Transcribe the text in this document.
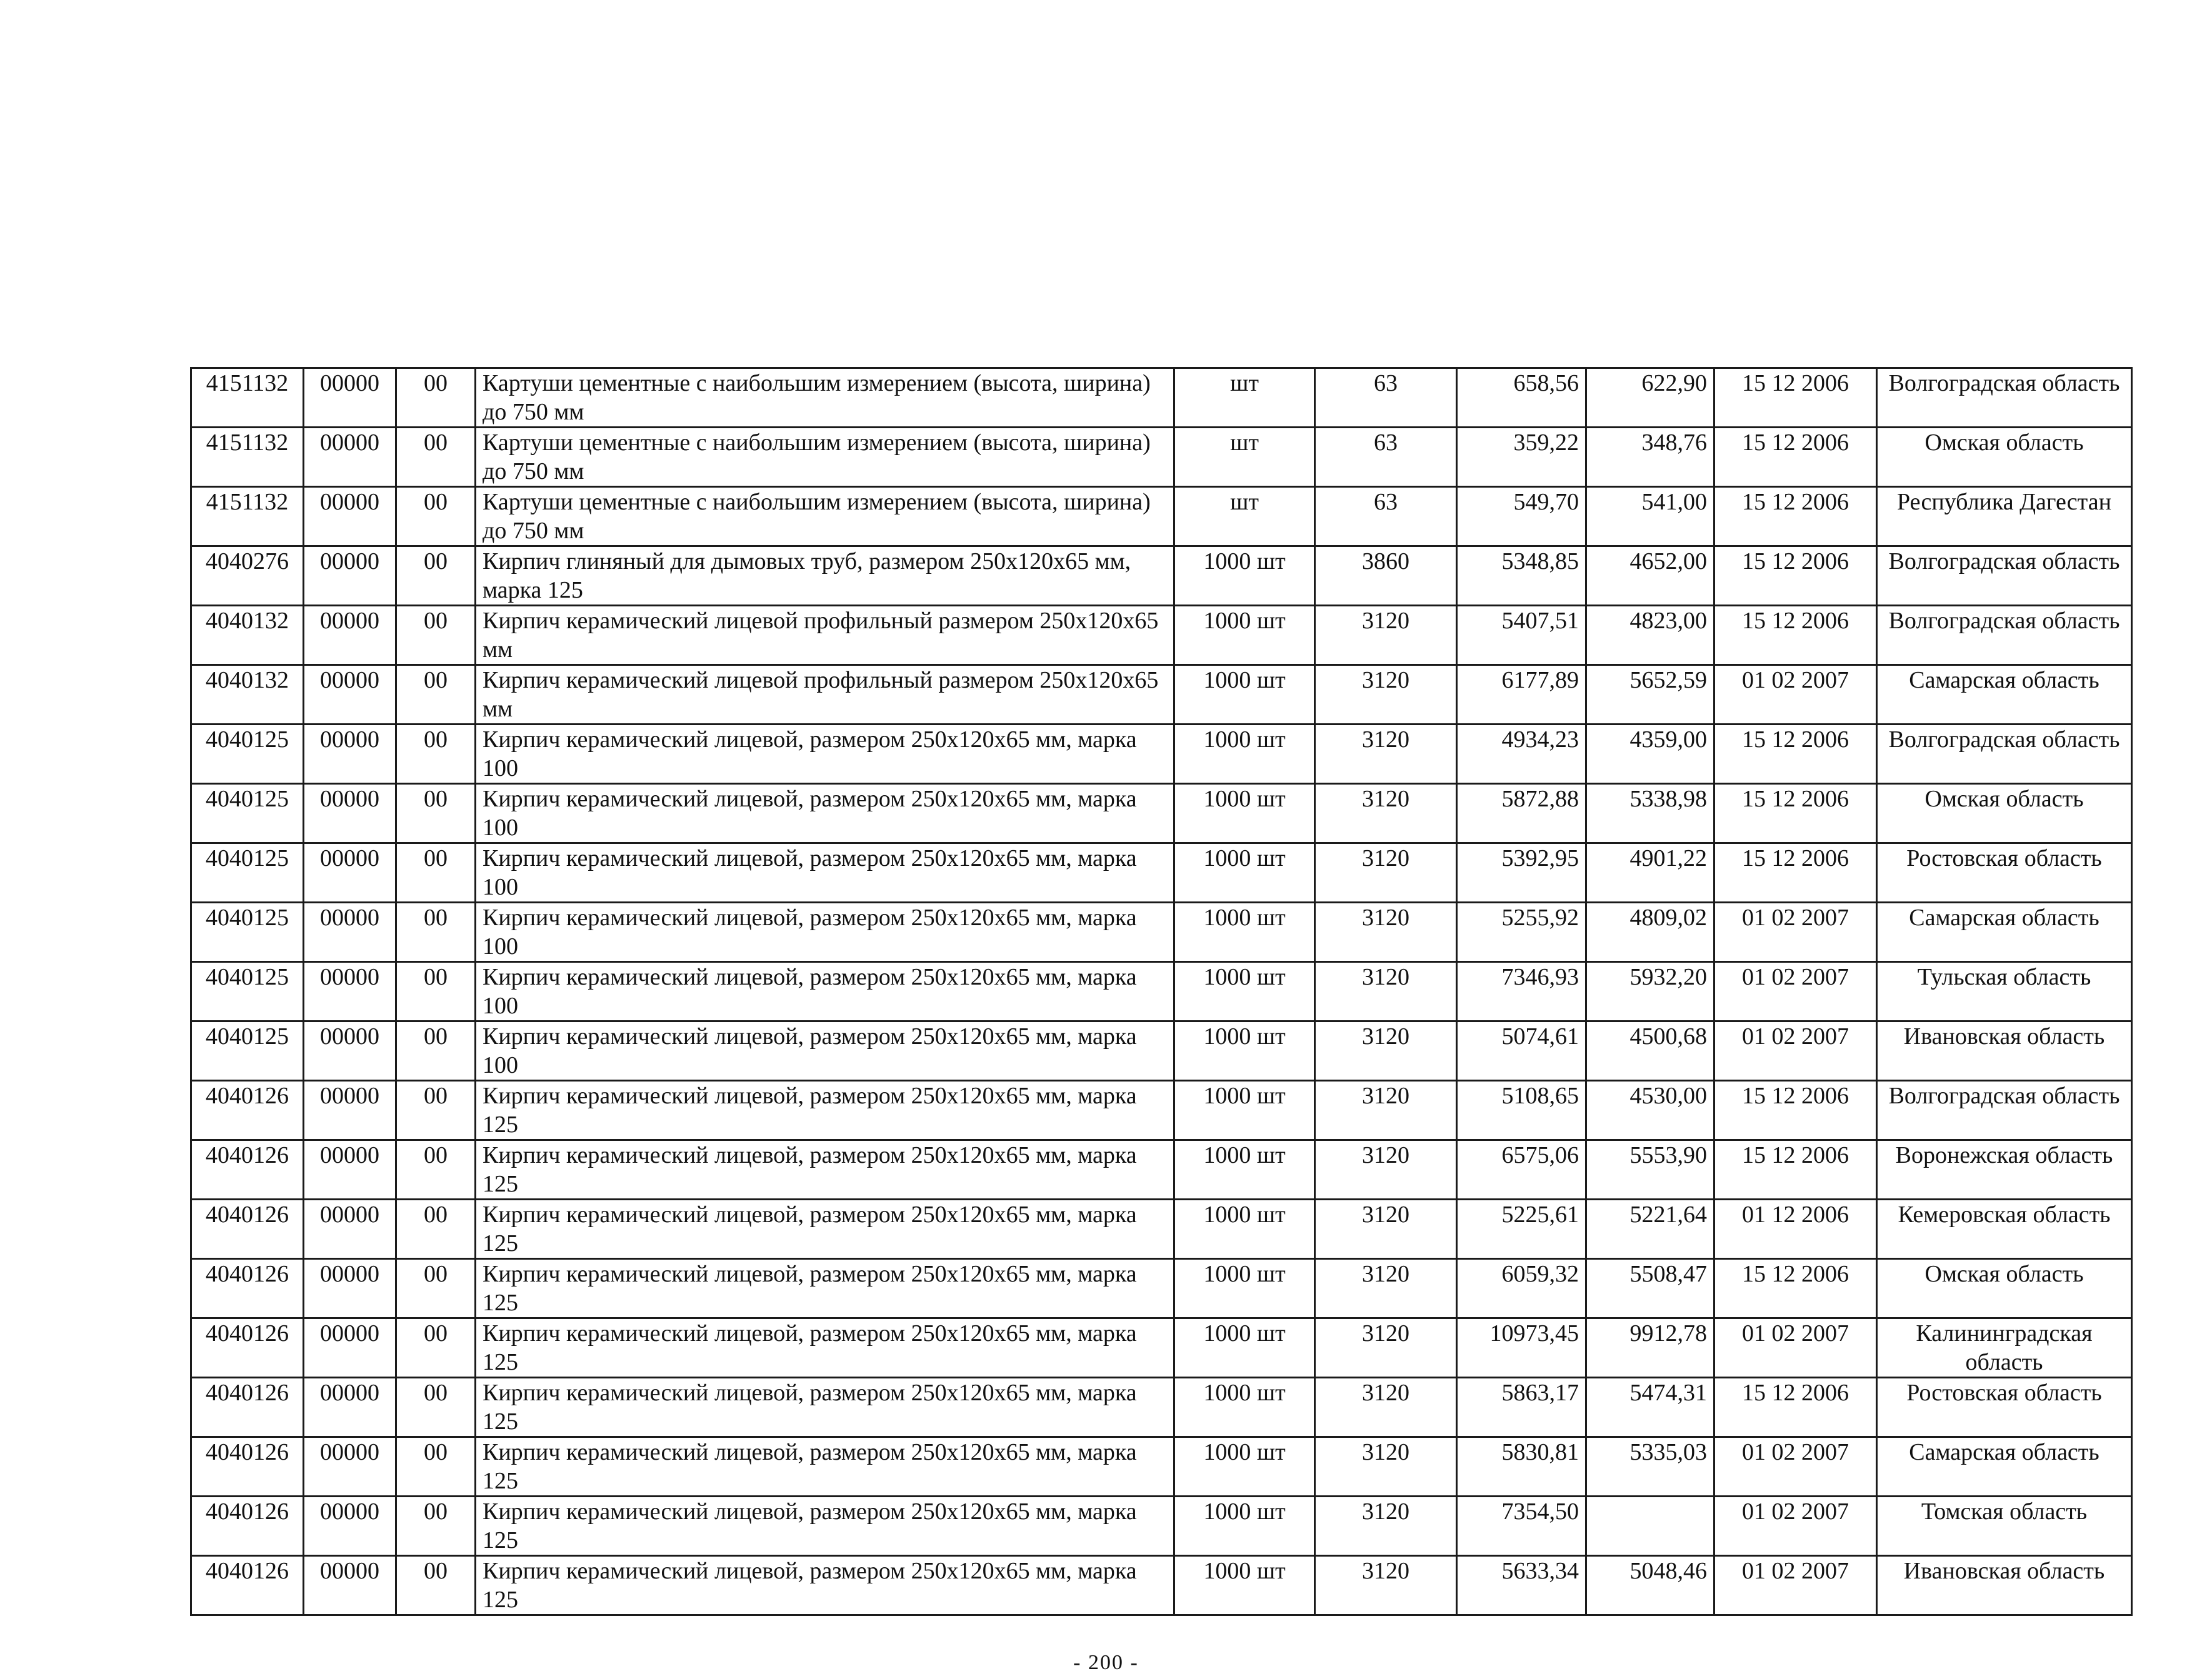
4151132	00000	00	Картуши цементные с наибольшим измерением (высота, ширина) до 750 мм	шт	63	658,56	622,90	15 12 2006	Волгоградская область
4151132	00000	00	Картуши цементные с наибольшим измерением (высота, ширина) до 750 мм	шт	63	359,22	348,76	15 12 2006	Омская область
4151132	00000	00	Картуши цементные с наибольшим измерением (высота, ширина) до 750 мм	шт	63	549,70	541,00	15 12 2006	Республика Дагестан
4040276	00000	00	Кирпич глиняный для дымовых труб, размером 250x120x65 мм, марка 125	1000 шт	3860	5348,85	4652,00	15 12 2006	Волгоградская область
4040132	00000	00	Кирпич керамический лицевой профильный размером 250x120x65 мм	1000 шт	3120	5407,51	4823,00	15 12 2006	Волгоградская область
4040132	00000	00	Кирпич керамический лицевой профильный размером 250x120x65 мм	1000 шт	3120	6177,89	5652,59	01 02 2007	Самарская область
4040125	00000	00	Кирпич керамический лицевой, размером 250x120x65 мм, марка 100	1000 шт	3120	4934,23	4359,00	15 12 2006	Волгоградская область
4040125	00000	00	Кирпич керамический лицевой, размером 250x120x65 мм, марка 100	1000 шт	3120	5872,88	5338,98	15 12 2006	Омская область
4040125	00000	00	Кирпич керамический лицевой, размером 250x120x65 мм, марка 100	1000 шт	3120	5392,95	4901,22	15 12 2006	Ростовская область
4040125	00000	00	Кирпич керамический лицевой, размером 250x120x65 мм, марка 100	1000 шт	3120	5255,92	4809,02	01 02 2007	Самарская область
4040125	00000	00	Кирпич керамический лицевой, размером 250x120x65 мм, марка 100	1000 шт	3120	7346,93	5932,20	01 02 2007	Тульская область
4040125	00000	00	Кирпич керамический лицевой, размером 250x120x65 мм, марка 100	1000 шт	3120	5074,61	4500,68	01 02 2007	Ивановская область
4040126	00000	00	Кирпич керамический лицевой, размером 250x120x65 мм, марка 125	1000 шт	3120	5108,65	4530,00	15 12 2006	Волгоградская область
4040126	00000	00	Кирпич керамический лицевой, размером 250x120x65 мм, марка 125	1000 шт	3120	6575,06	5553,90	15 12 2006	Воронежская область
4040126	00000	00	Кирпич керамический лицевой, размером 250x120x65 мм, марка 125	1000 шт	3120	5225,61	5221,64	01 12 2006	Кемеровская область
4040126	00000	00	Кирпич керамический лицевой, размером 250x120x65 мм, марка 125	1000 шт	3120	6059,32	5508,47	15 12 2006	Омская область
4040126	00000	00	Кирпич керамический лицевой, размером 250x120x65 мм, марка 125	1000 шт	3120	10973,45	9912,78	01 02 2007	Калининградская область
4040126	00000	00	Кирпич керамический лицевой, размером 250x120x65 мм, марка 125	1000 шт	3120	5863,17	5474,31	15 12 2006	Ростовская область
4040126	00000	00	Кирпич керамический лицевой, размером 250x120x65 мм, марка 125	1000 шт	3120	5830,81	5335,03	01 02 2007	Самарская область
4040126	00000	00	Кирпич керамический лицевой, размером 250x120x65 мм, марка 125	1000 шт	3120	7354,50		01 02 2007	Томская область
4040126	00000	00	Кирпич керамический лицевой, размером 250x120x65 мм, марка 125	1000 шт	3120	5633,34	5048,46	01 02 2007	Ивановская область
- 200 -
